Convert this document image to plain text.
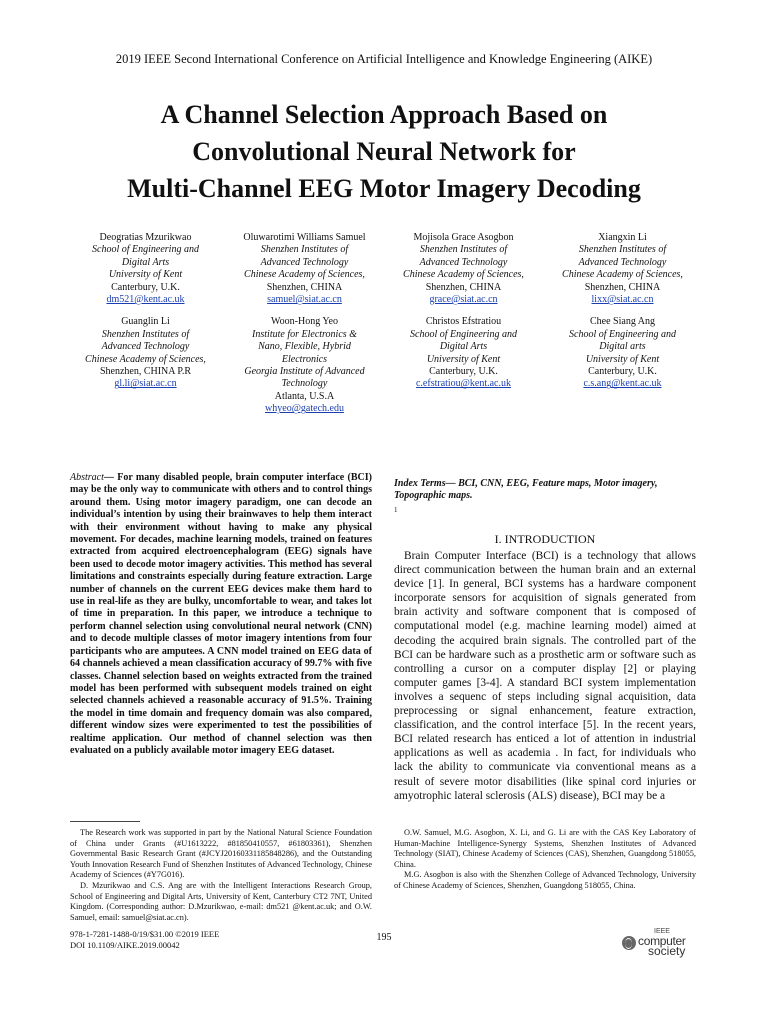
2019 IEEE Second International Conference on Artificial Intelligence and Knowledge Engineering (AIKE)
A Channel Selection Approach Based on
Convolutional Neural Network for
Multi-Channel EEG Motor Imagery Decoding
Deogratias Mzurikwao
School of Engineering and
Digital Arts
University of Kent
Canterbury, U.K.
dm521@kent.ac.uk
Oluwarotimi Williams Samuel
Shenzhen Institutes of
Advanced Technology
Chinese Academy of Sciences,
Shenzhen, CHINA
samuel@siat.ac.cn
Mojisola Grace Asogbon
Shenzhen Institutes of
Advanced Technology
Chinese Academy of Sciences,
Shenzhen, CHINA
grace@siat.ac.cn
Xiangxin Li
Shenzhen Institutes of
Advanced Technology
Chinese Academy of Sciences,
Shenzhen, CHINA
lixx@siat.ac.cn
Guanglin Li
Shenzhen Institutes of
Advanced Technology
Chinese Academy of Sciences,
Shenzhen, CHINA P.R
gl.li@siat.ac.cn
Woon-Hong Yeo
Institute for Electronics &
Nano, Flexible, Hybrid
Electronics
Georgia Institute of Advanced
Technology
Atlanta, U.S.A
whyeo@gatech.edu
Christos Efstratiou
School of Engineering and
Digital Arts
University of Kent
Canterbury, U.K.
c.efstratiou@kent.ac.uk
Chee Siang Ang
School of Engineering and
Digital arts
University of Kent
Canterbury, U.K.
c.s.ang@kent.ac.uk
Abstract— For many disabled people, brain computer interface (BCI) may be the only way to communicate with others and to control things around them. Using motor imagery paradigm, one can decode an individual’s intention by using their brainwaves to help them interact with their environment without having to make any physical movement. For decades, machine learning models, trained on features extracted from acquired electroencephalogram (EEG) signals have been used to decode motor imagery activities. This method has several limitations and constraints especially during feature extraction. Large number of channels on the current EEG devices make them hard to use in real-life as they are bulky, uncomfortable to wear, and takes lot of time in preparation. In this paper, we introduce a technique to perform channel selection using convolutional neural network (CNN) and to decode multiple classes of motor imagery intentions from four participants who are amputees. A CNN model trained on EEG data of 64 channels achieved a mean classification accuracy of 99.7% with five classes. Channel selection based on weights extracted from the trained model has been performed with subsequent models trained on eight selected channels achieved a reasonable accuracy of 91.5%. Training the model in time domain and frequency domain was also compared, different window sizes were experimented to test the possibilities of realtime application. Our method of channel selection was then evaluated on a publicly available motor imagery EEG dataset.
Index Terms— BCI, CNN, EEG, Feature maps, Motor imagery, Topographic maps.
1
I. INTRODUCTION
Brain Computer Interface (BCI) is a technology that allows direct communication between the human brain and an external device [1]. In general, BCI systems has a hardware component incorporate sensors for acquisition of signals generated from brain activity and software component that is composed of computational model (e.g. machine learning model) aimed at decoding the acquired brain signals. The controlled part of the BCI can be hardware such as a prosthetic arm or software such as controlling a cursor on a computer display [2] or playing computer games [3-4]. A standard BCI system implementation involves a sequenc of steps including signal acquisition, data preprocessing or signal enhancement, feature extraction, classification, and the control interface [5]. In the recent years, BCI related research has enticed a lot of attention in industrial applications as well as academia . In fact, for individuals who lack the ability to communicate via conventional means as a result of severe motor disabilities (like spinal cord injuries or amyotrophic lateral sclerosis (ALS) disease), BCI may be a

The Research work was supported in part by the National Natural Science Foundation of China under Grants (#U1613222, #81850410557, #61803361), Shenzhen Governmental Basic Research Grant (#JCYJ20160331185848286), and the Outstanding Youth Innovation Research Fund of Shenzhen Institutes of Advanced Technology, Chinese Academy of Sciences (#Y7G016).

D. Mzurikwao and C.S. Ang are with the Intelligent Interactions Research Group, School of Engineering and Digital Arts, University of Kent, Canterbury CT2 7NT, United Kingdom. (Corresponding author: D.Mzurikwao, e-mail: dm521 @kent.ac.uk; and O.W. Samuel, email: samuel@siat.ac.cn).

O.W. Samuel, M.G. Asogbon, X. Li, and G. Li are with the CAS Key Laboratory of Human-Machine Intelligence-Synergy Systems, Shenzhen Institutes of Advanced Technology (SIAT), Chinese Academy of Sciences (CAS), Shenzhen, Guangdong 518055, China.

M.G. Asogbon is also with the Shenzhen College of Advanced Technology, University of Chinese Academy of Sciences, Shenzhen, Guangdong 518055, China.

978-1-7281-1488-0/19/$31.00 ©2019 IEEE
DOI 10.1109/AIKE.2019.00042
195
IEEE
computer
society
